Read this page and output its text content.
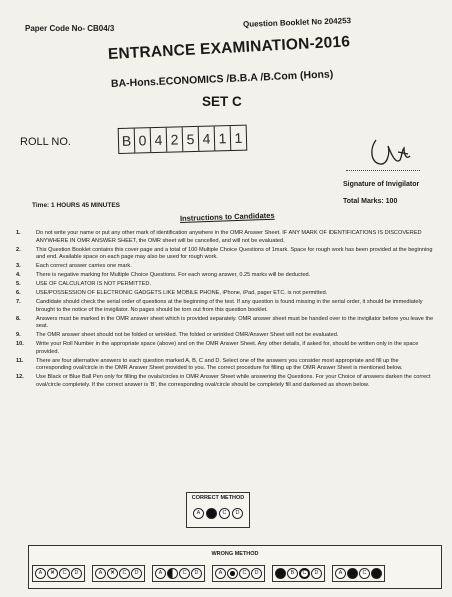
Paper Code No- CB04/3	Question Booklet No 204253
ENTRANCE EXAMINATION-2016
BA-Hons.ECONOMICS /B.B.A /B.Com (Hons)
SET C
ROLL NO.	B 0 4 2 5 4 1 1
Signature of Invigilator
Time: 1 HOURS 45 MINUTES
Total Marks: 100
Instructions to Candidates
1.	Do not write your name or put any other mark of identification anywhere in the OMR Answer Sheet. IF ANY MARK OF IDENTIFICATIONS IS DISCOVERED ANYWHERE IN OMR ANSWER SHEET, the OMR sheet will be cancelled, and will not be evaluated.
2.	This Question Booklet contains this cover page and a total of 100 Multiple Choice Questions of 1mark. Space for rough work has been provided at the beginning and end. Available space on each page may also be used for rough work.
3.	Each correct answer carries one mark.
4.	There is negative marking for Multiple Choice Questions. For each wrong answer, 0.25 marks will be deducted.
5.	USE OF CALCULATOR IS NOT PERMITTED.
6.	USE/POSSESSION OF ELECTRONIC GADGETS LIKE MOBILE PHONE, iPhone, iPad, pager ETC. is not permitted.
7.	Candidate should check the serial order of questions at the beginning of the test. If any question is found missing in the serial order, it should be immediately brought to the notice of the invigilator. No pages should be torn out from this question booklet.
8.	Answers must be marked in the OMR answer sheet which is provided separately. OMR answer sheet must be handed over to the invigilator before you leave the seat.
9.	The OMR answer sheet should not be folded or wrinkled. The folded or wrinkled OMR/Answer Sheet will not be evaluated.
10.	Write your Roll Number in the appropriate space (above) and on the OMR Answer Sheet. Any other details, if asked for, should be written only in the space provided.
11.	There are four alternative answers to each question marked A, B, C and D. Select one of the answers you consider most appropriate and fill up the corresponding oval/circle in the OMR Answer Sheet provided to you. The correct procedure for filling up the OMR Answer Sheet is mentioned below.
12.	Use Black or Blue Ball Pen only for filling the ovals/circles in OMR Answer Sheet while answering the Questions. For your Choice of answers darken the correct oval/circle completely. If the correct answer is 'B', the corresponding oval/circle should be completely fill and darkened as shown below.
CORRECT METHOD
A	B	C	D
WRONG METHOD
A	✕	C	D	A	✕	C	D	A	C	D	A	C	D	A	B	C	D	A	B	C	D
